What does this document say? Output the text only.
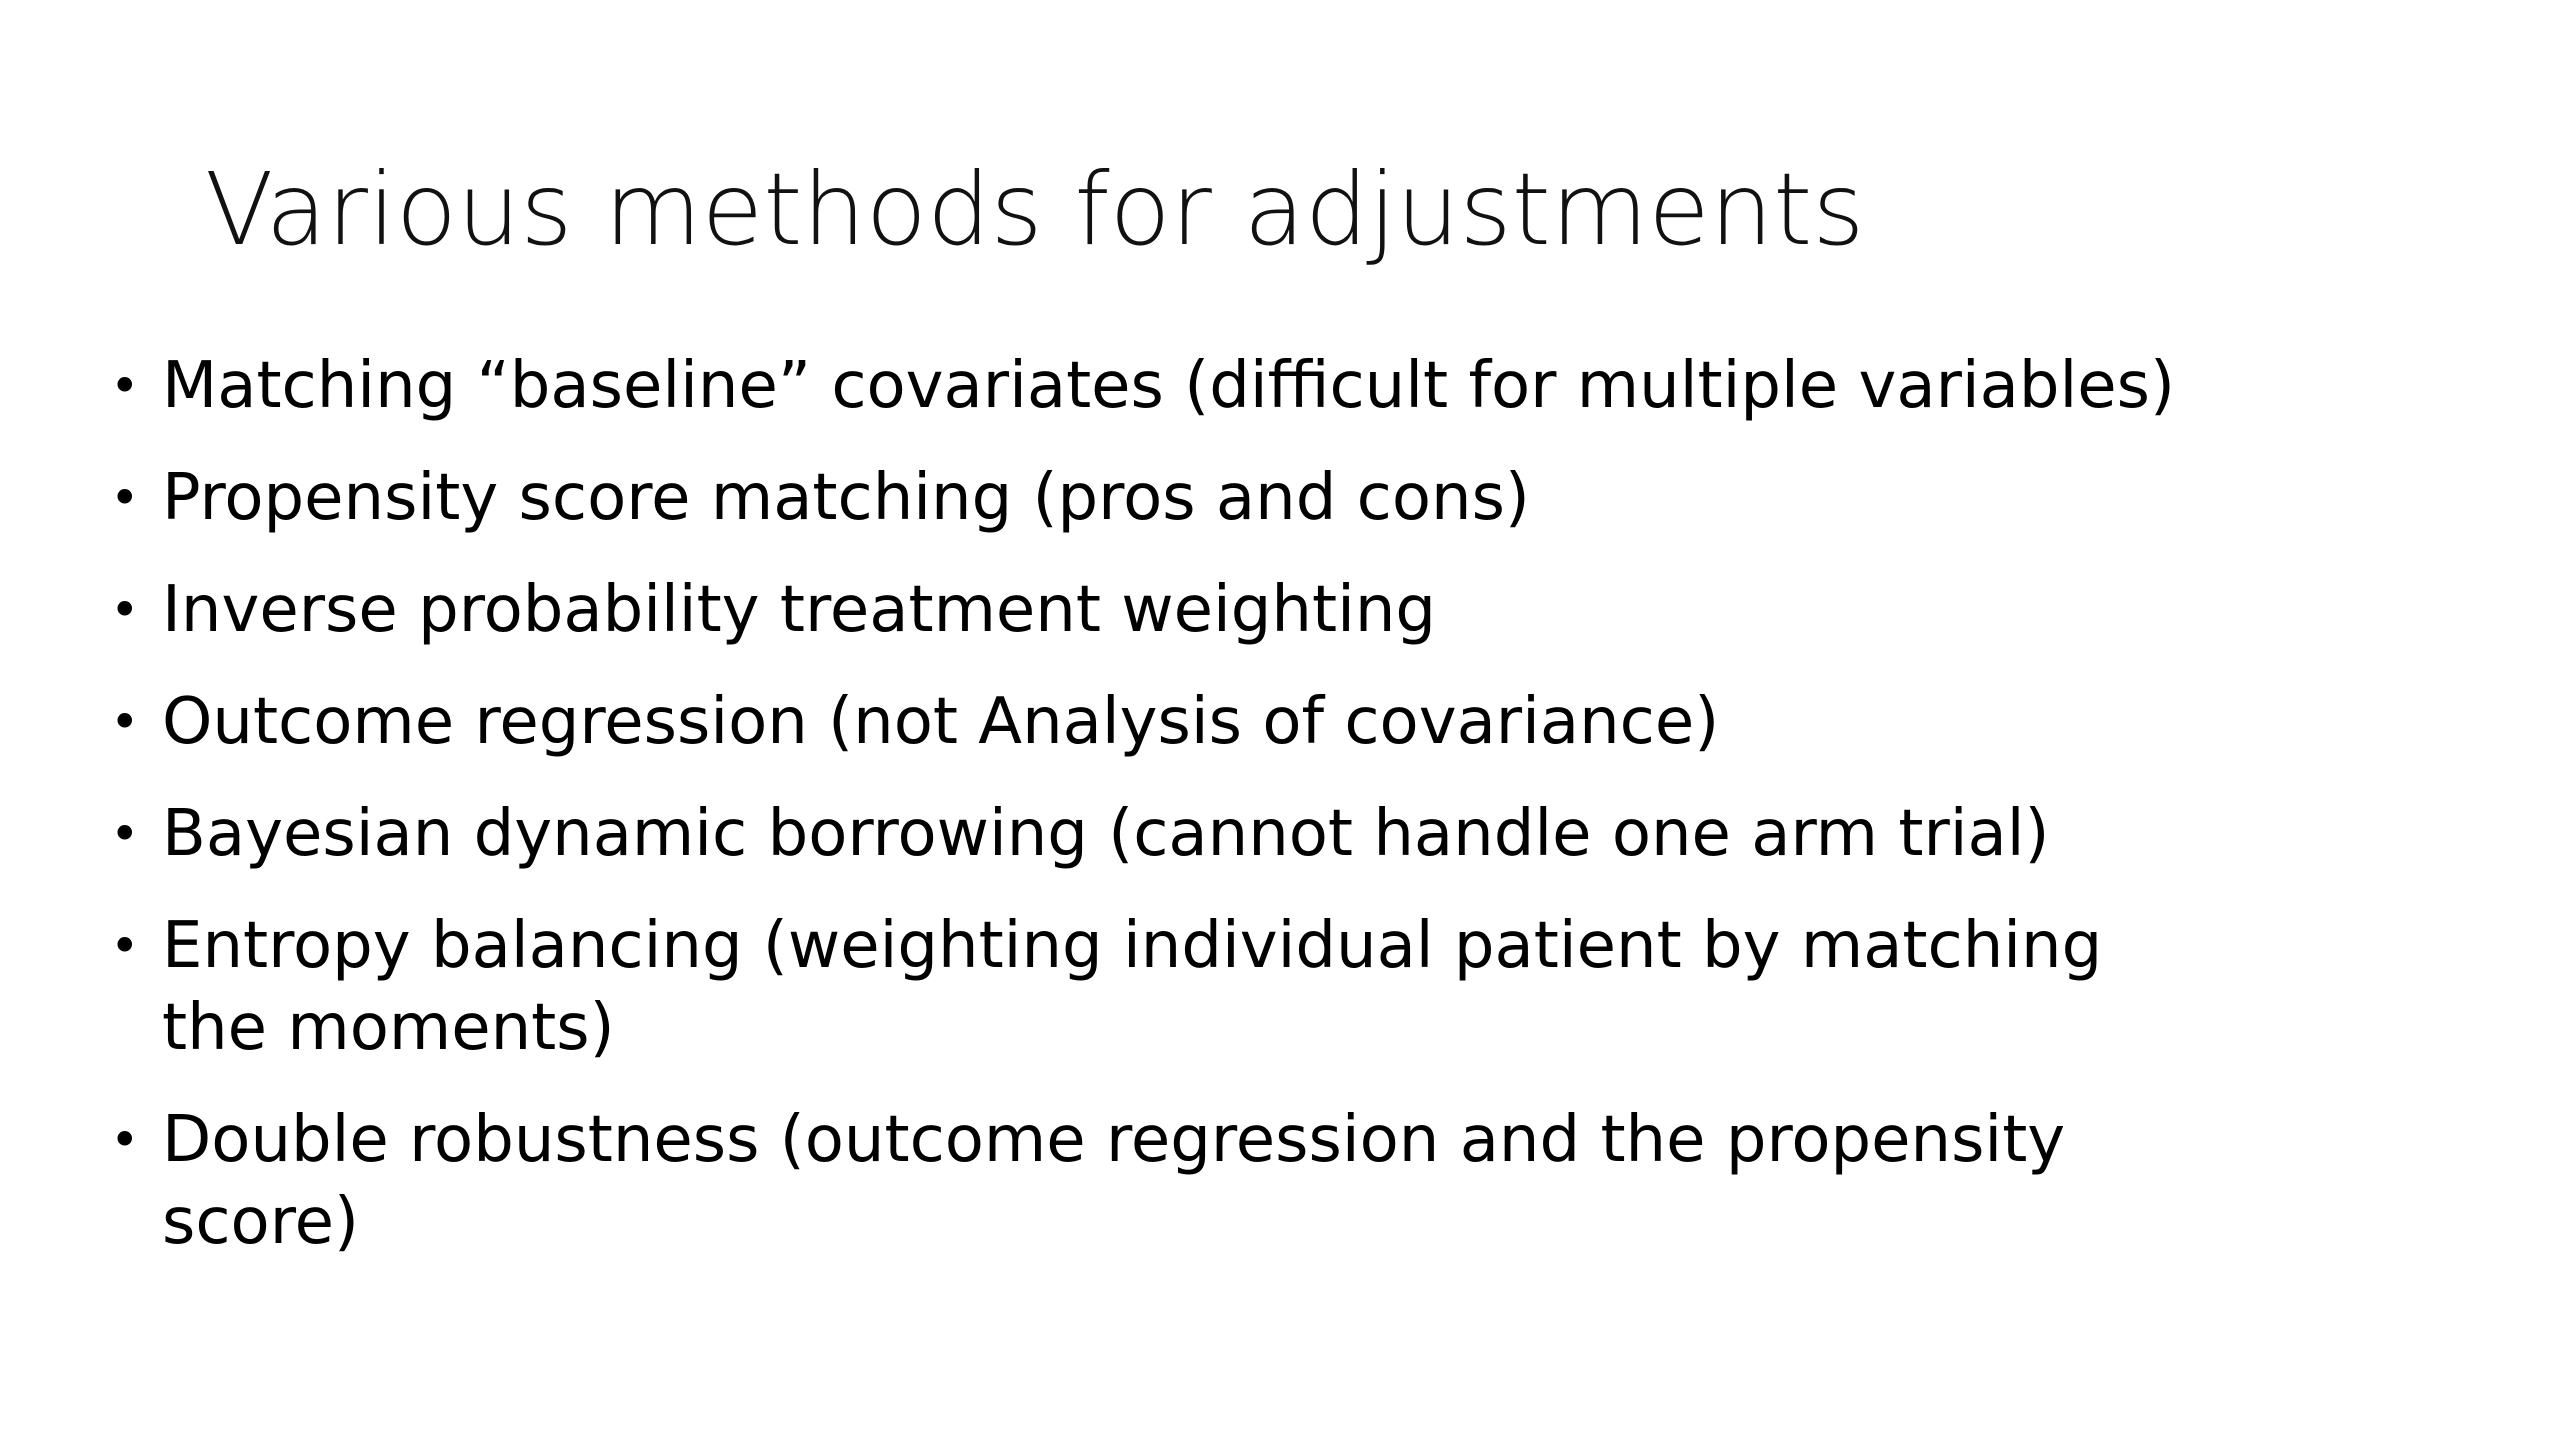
Various methods for adjustments
• Matching “baseline” covariates (difficult for multiple variables)
• Propensity score matching (pros and cons)
• Inverse probability treatment weighting
• Outcome regression (not Analysis of covariance)
• Bayesian dynamic borrowing (cannot handle one arm trial)
• Entropy balancing (weighting individual patient by matching the moments)
• Double robustness (outcome regression and the propensity score)
